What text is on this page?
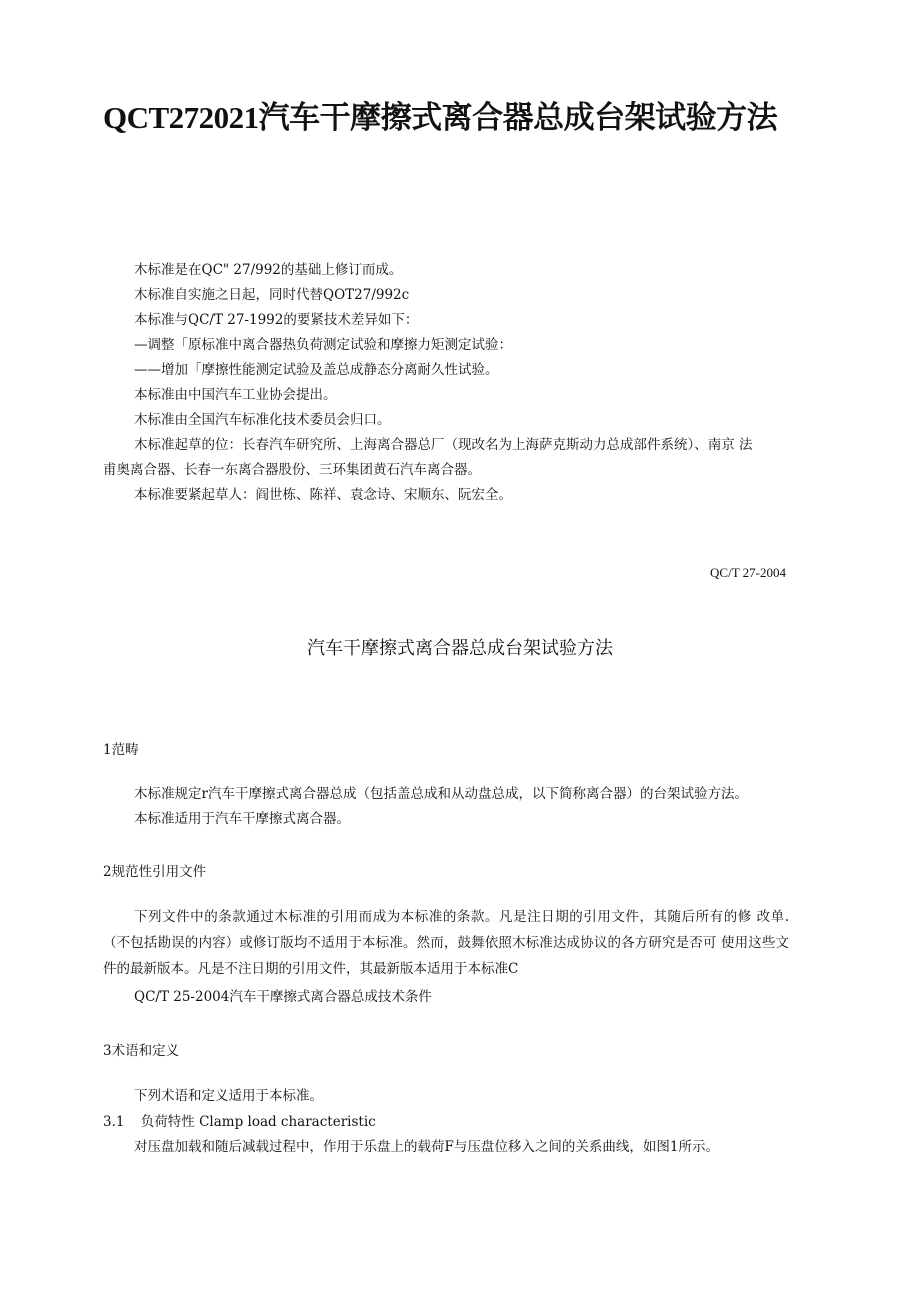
QCT272021汽车干摩擦式离合器总成台架试验方法
木标准是在QC" 27/992的基础上修订而成。
木标准自实施之日起，同时代替QOT27/992c
本标准与QC/T 27-1992的要紧技术差异如下：
—调整「原标准中离合器热负荷测定试验和摩擦力矩测定试验：
——增加「摩擦性能测定试验及盖总成静态分离耐久性试验。
本标准由中国汽车工业协会提出。
木标准由全国汽车标准化技术委员会归口。
木标准起草的位：长春汽车研究所、上海离合器总厂（现改名为上海萨克斯动力总成部件系统）、南京 法
甫奥离合器、长春一东离合器股份、三环集团黄石汽车离合器。
本标准要紧起草人：阎世栋、陈祥、袁念诗、宋顺东、阮宏全。
QC/T 27-2004
汽车干摩擦式离合器总成台架试验方法
1范畴
木标准规定r汽车干摩擦式离合器总成（包括盖总成和从动盘总成，以下简称离合器）的台架试验方法。
本标准适用于汽车干摩擦式离合器。
2规范性引用文件
下列文件中的条款通过木标准的引用而成为本标准的条款。凡是注日期的引用文件，其随后所有的修 改单.（不包括勘误的内容）或修订版均不适用于本标准。然而，鼓舞依照木标准达成协议的各方研究是否可 使用这些文件的最新版本。凡是不注日期的引用文件，其最新版本适用于本标准C
QC/T 25-2004汽车干摩擦式离合器总成技术条件
3术语和定义
下列术语和定义适用于本标准。
3.1 负荷特性 Clamp load characteristic
对压盘加载和随后减载过程中，作用于乐盘上的载荷F与压盘位移入之间的关系曲线，如图1所示。
